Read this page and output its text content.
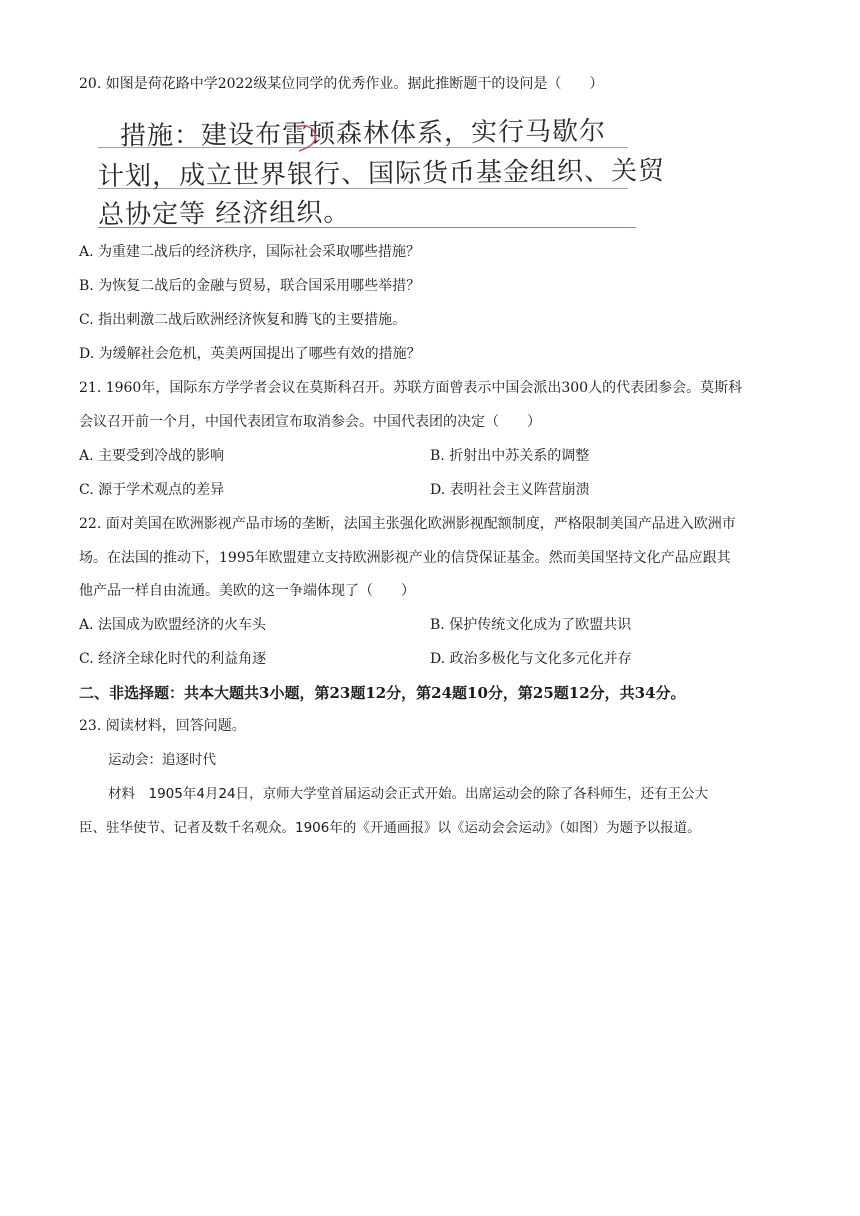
20. 如图是荷花路中学2022级某位同学的优秀作业。据此推断题干的设问是（　　）
措施：建设布雷顿森林体系，实行马歇尔
计划，成立世界银行、国际货币基金组织、关贸
总协定等 经济组织。
A. 为重建二战后的经济秩序，国际社会采取哪些措施？
B. 为恢复二战后的金融与贸易，联合国采用哪些举措？
C. 指出刺激二战后欧洲经济恢复和腾飞的主要措施。
D. 为缓解社会危机，英美两国提出了哪些有效的措施？
21. 1960年，国际东方学学者会议在莫斯科召开。苏联方面曾表示中国会派出300人的代表团参会。莫斯科
会议召开前一个月，中国代表团宣布取消参会。中国代表团的决定（　　）
A. 主要受到冷战的影响	B. 折射出中苏关系的调整
C. 源于学术观点的差异	D. 表明社会主义阵营崩溃
22. 面对美国在欧洲影视产品市场的垄断，法国主张强化欧洲影视配额制度，严格限制美国产品进入欧洲市
场。在法国的推动下，1995年欧盟建立支持欧洲影视产业的信贷保证基金。然而美国坚持文化产品应跟其
他产品一样自由流通。美欧的这一争端体现了（　　）
A. 法国成为欧盟经济的火车头	B. 保护传统文化成为了欧盟共识
C. 经济全球化时代的利益角逐	D. 政治多极化与文化多元化并存
二、非选择题：共本大题共3小题，第23题12分，第24题10分，第25题12分，共34分。
23. 阅读材料，回答问题。
运动会：追逐时代
材料　1905年4月24日，京师大学堂首届运动会正式开始。出席运动会的除了各科师生，还有王公大
臣、驻华使节、记者及数千名观众。1906年的《开通画报》以《运动会会运动》（如图）为题予以报道。
